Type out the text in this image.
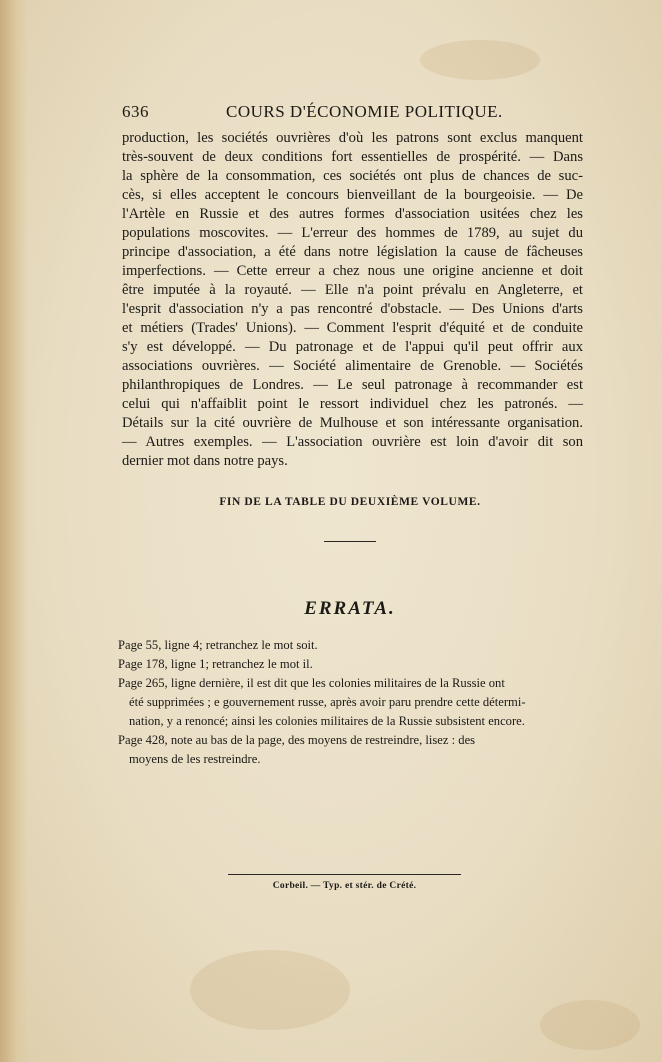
636	COURS D'ÉCONOMIE POLITIQUE.
production, les sociétés ouvrières d'où les patrons sont exclus manquent
très-souvent de deux conditions fort essentielles de prospérité. — Dans
la sphère de la consommation, ces sociétés ont plus de chances de suc-
cès, si elles acceptent le concours bienveillant de la bourgeoisie. — De
l'Artèle en Russie et des autres formes d'association usitées chez les
populations moscovites. — L'erreur des hommes de 1789, au sujet du
principe d'association, a été dans notre législation la cause de fâcheuses
imperfections. — Cette erreur a chez nous une origine ancienne et doit
être imputée à la royauté. — Elle n'a point prévalu en Angleterre, et
l'esprit d'association n'y a pas rencontré d'obstacle. — Des Unions d'arts
et métiers (Trades' Unions). — Comment l'esprit d'équité et de conduite
s'y est développé. — Du patronage et de l'appui qu'il peut offrir aux
associations ouvrières. — Société alimentaire de Grenoble. — Sociétés
philanthropiques de Londres. — Le seul patronage à recommander est
celui qui n'affaiblit point le ressort individuel chez les patronés. —
Détails sur la cité ouvrière de Mulhouse et son intéressante organisation.
— Autres exemples. — L'association ouvrière est loin d'avoir dit son
dernier mot dans notre pays.
FIN DE LA TABLE DU DEUXIÈME VOLUME.
ERRATA.
Page 55, ligne 4; retranchez le mot soit.
Page 178, ligne 1; retranchez le mot il.
Page 265, ligne dernière, il est dit que les colonies militaires de la Russie ont
été supprimées ; e gouvernement russe, après avoir paru prendre cette détermi-
nation, y a renoncé; ainsi les colonies militaires de la Russie subsistent encore.
Page 428, note au bas de la page, des moyens de restreindre, lisez : des
moyens de les restreindre.
Corbeil. — Typ. et stér. de Crété.
